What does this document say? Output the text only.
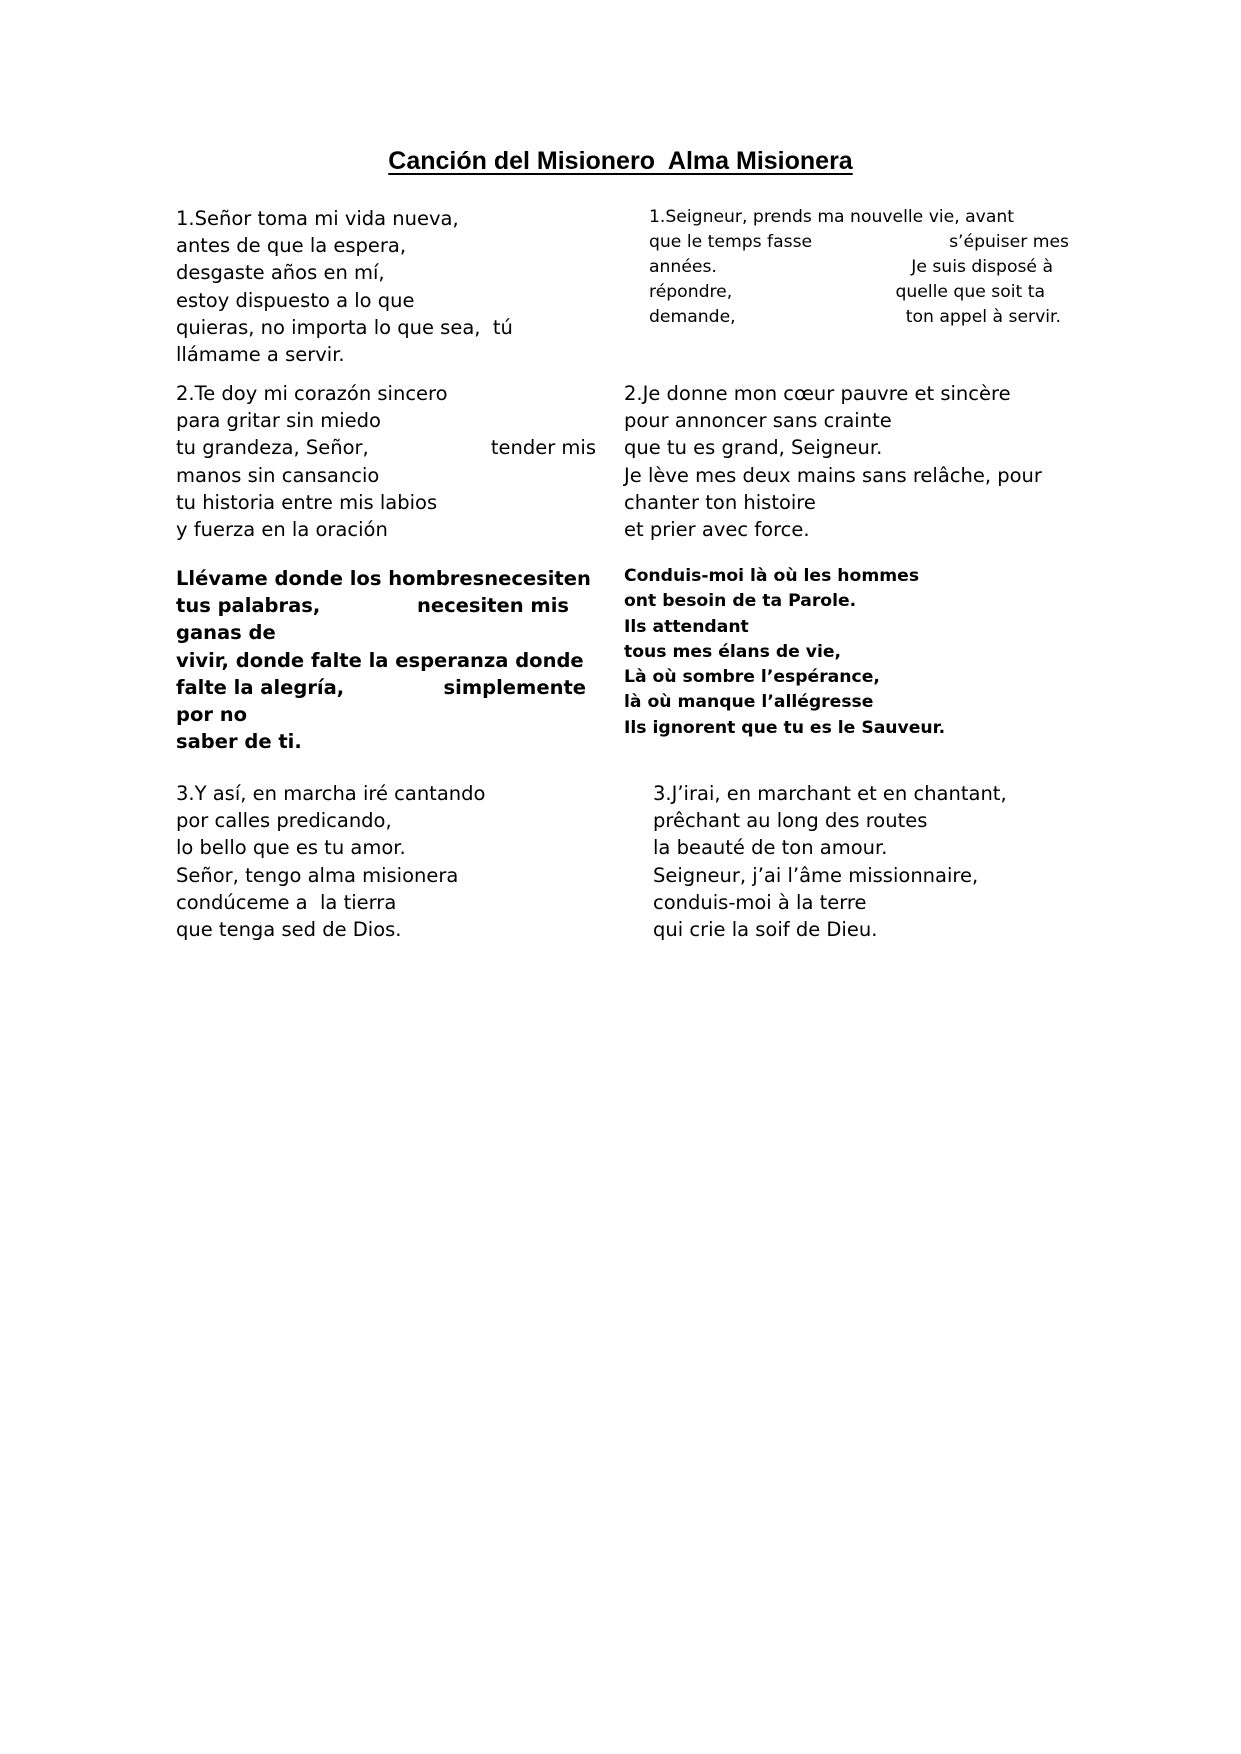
Canción del Misionero  Alma Misionera
1.Señor toma mi vida nueva,
antes de que la espera,
desgaste años en mí,
estoy dispuesto a lo que
quieras, no importa lo que sea,  tú
llámame a servir.
1.Seigneur, prends ma nouvelle vie, avant
que le temps fasse	s’épuiser mes
années.	Je suis disposé à
répondre,	quelle que soit ta
demande,	ton appel à servir.
2.Te doy mi corazón sincero
para gritar sin miedo
tu grandeza, Señor,	tender mis
manos sin cansancio
tu historia entre mis labios
y fuerza en la oración
2.Je donne mon cœur pauvre et sincère
pour annoncer sans crainte
que tu es grand, Seigneur.
Je lève mes deux mains sans relâche, pour
chanter ton histoire
et prier avec force.
Llévame donde los hombres necesiten
tus palabras,	necesiten mis
ganas de
vivir, donde falte la esperanza donde
falte la alegría,	simplemente
por no
saber de ti.
Conduis-moi là où les hommes
ont besoin de ta Parole.
Ils attendant
tous mes élans de vie,
Là où sombre l’espérance,
là où manque l’allégresse
Ils ignorent que tu es le Sauveur.
3.Y así, en marcha iré cantando
por calles predicando,
lo bello que es tu amor.
Señor, tengo alma misionera
condúceme a  la tierra
que tenga sed de Dios.
3.J’irai, en marchant et en chantant,
prêchant au long des routes
la beauté de ton amour.
Seigneur, j’ai l’âme missionnaire,
conduis-moi à la terre
qui crie la soif de Dieu.
